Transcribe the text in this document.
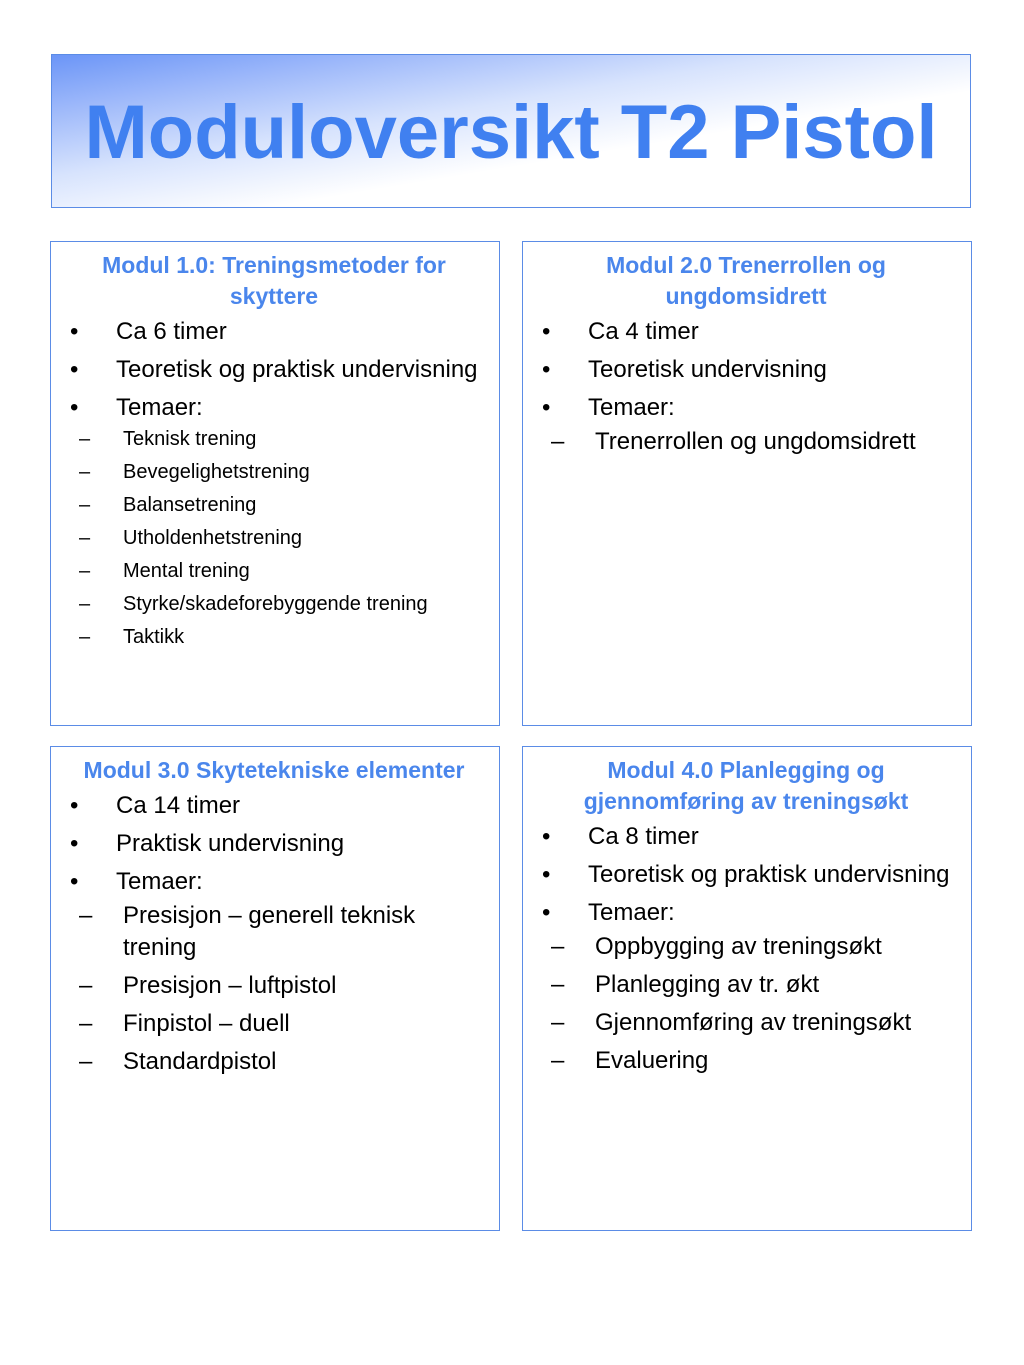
Moduloversikt T2 Pistol
Modul 1.0: Treningsmetoder for skyttere
•	Ca 6 timer
•	Teoretisk og praktisk undervisning
•	Temaer:
– Teknisk trening
– Bevegelighetstrening
– Balansetrening
– Utholdenhetstrening
– Mental trening
– Styrke/skadeforebyggende trening
– Taktikk
Modul 2.0 Trenerrollen og ungdomsidrett
•	Ca 4 timer
•	Teoretisk undervisning
•	Temaer:
– Trenerrollen og ungdomsidrett
Modul 3.0 Skytetekniske elementer
•	Ca 14 timer
•	Praktisk undervisning
•	Temaer:
– Presisjon – generell teknisk trening
– Presisjon – luftpistol
– Finpistol – duell
– Standardpistol
Modul 4.0 Planlegging og gjennomføring av treningsøkt
•	Ca 8 timer
•	Teoretisk og praktisk undervisning
•	Temaer:
– Oppbygging av treningsøkt
– Planlegging av tr. økt
– Gjennomføring av treningsøkt
– Evaluering
